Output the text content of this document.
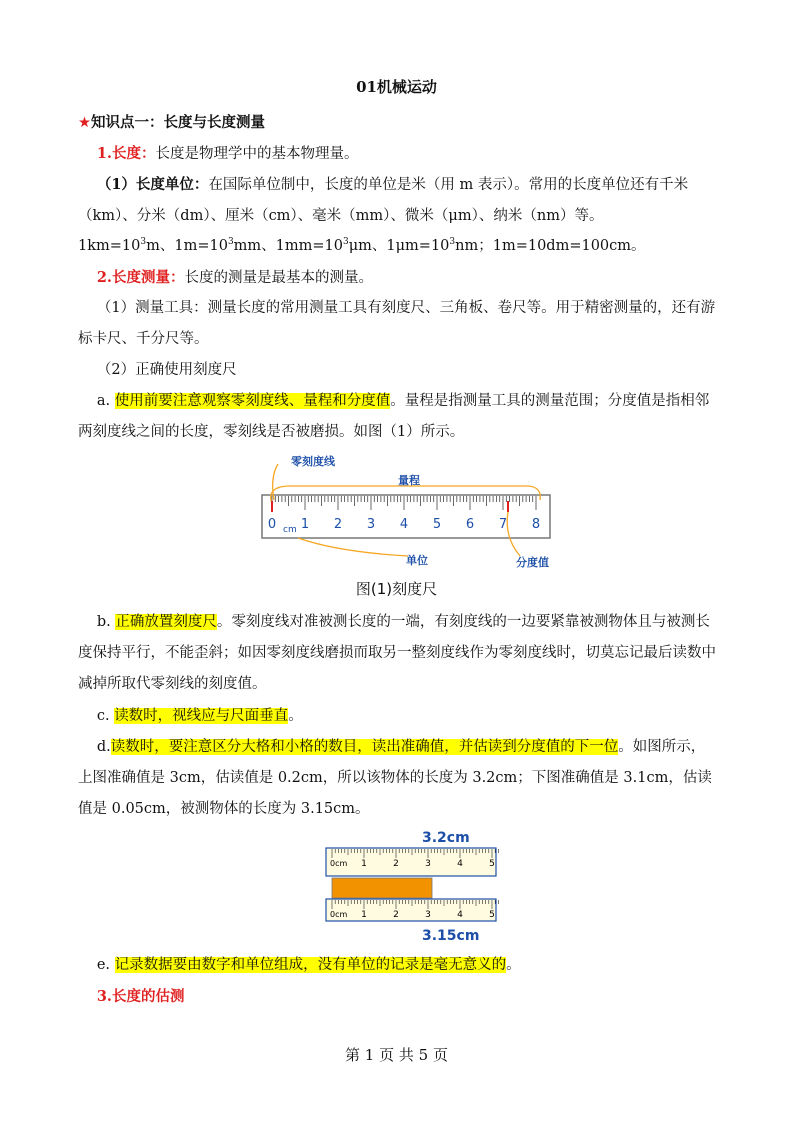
01机械运动

★知识点一：长度与长度测量

1.长度：长度是物理学中的基本物理量。

（1）长度单位：在国际单位制中，长度的单位是米（用 m 表示）。常用的长度单位还有千米（km）、分米（dm）、厘米（cm）、毫米（mm）、微米（μm）、纳米（nm）等。

$1km=10^3m$、$1m=10^3mm$、$1mm=10^3\mu m$、$1\mu m=10^3nm$；1m=10dm=100cm。

2.长度测量：长度的测量是最基本的测量。

（1）测量工具：测量长度的常用测量工具有刻度尺、三角板、卷尺等。用于精密测量的，还有游标卡尺、千分尺等。

（2）正确使用刻度尺

a. 使用前要注意观察零刻度线、量程和分度值。量程是指测量工具的测量范围；分度值是指相邻两刻度线之间的长度，零刻线是否被磨损。如图（1）所示。

0 1 2 3 4 5 6 7 8
cm
零刻度线
量程
单位	分度值
图(1)刻度尺

b. 正确放置刻度尺。零刻度线对准被测长度的一端，有刻度线的一边要紧靠被测物体且与被测长度保持平行，不能歪斜；如因零刻度线磨损而取另一整刻度线作为零刻度线时，切莫忘记最后读数中减掉所取代零刻线的刻度值。

c. 读数时，视线应与尺面垂直。

d.读数时，要注意区分大格和小格的数目，读出准确值，并估读到分度值的下一位。如图所示，上图准确值是 3cm，估读值是 0.2cm，所以该物体的长度为 3.2cm；下图准确值是 3.1cm，估读值是 0.05cm，被测物体的长度为 3.15cm。

3.2cm
1	2	3	4	5
0cm
1	2	3	4	5
0cm
3.15cm

e. 记录数据要由数字和单位组成，没有单位的记录是毫无意义的。

3.长度的估测

第 1 页 共 5 页
